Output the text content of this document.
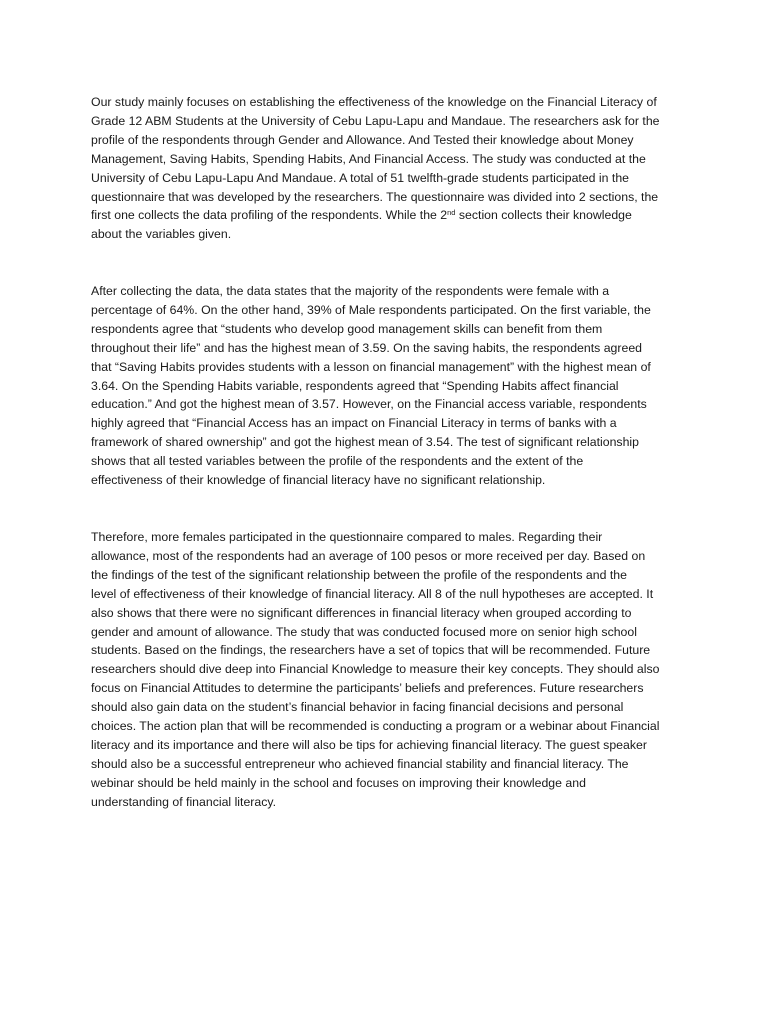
Our study mainly focuses on establishing the effectiveness of the knowledge on the Financial Literacy of
Grade 12 ABM Students at the University of Cebu Lapu-Lapu and Mandaue. The researchers ask for the
profile of the respondents through Gender and Allowance. And Tested their knowledge about Money
Management, Saving Habits, Spending Habits, And Financial Access. The study was conducted at the
University of Cebu Lapu-Lapu And Mandaue. A total of 51 twelfth-grade students participated in the
questionnaire that was developed by the researchers. The questionnaire was divided into 2 sections, the
first one collects the data profiling of the respondents. While the 2nd section collects their knowledge
about the variables given.
After collecting the data, the data states that the majority of the respondents were female with a
percentage of 64%. On the other hand, 39% of Male respondents participated. On the first variable, the
respondents agree that “students who develop good management skills can benefit from them
throughout their life” and has the highest mean of 3.59. On the saving habits, the respondents agreed
that “Saving Habits provides students with a lesson on financial management” with the highest mean of
3.64. On the Spending Habits variable, respondents agreed that “Spending Habits affect financial
education.” And got the highest mean of 3.57. However, on the Financial access variable, respondents
highly agreed that “Financial Access has an impact on Financial Literacy in terms of banks with a
framework of shared ownership” and got the highest mean of 3.54. The test of significant relationship
shows that all tested variables between the profile of the respondents and the extent of the
effectiveness of their knowledge of financial literacy have no significant relationship.
Therefore, more females participated in the questionnaire compared to males. Regarding their
allowance, most of the respondents had an average of 100 pesos or more received per day. Based on
the findings of the test of the significant relationship between the profile of the respondents and the
level of effectiveness of their knowledge of financial literacy. All 8 of the null hypotheses are accepted. It
also shows that there were no significant differences in financial literacy when grouped according to
gender and amount of allowance. The study that was conducted focused more on senior high school
students. Based on the findings, the researchers have a set of topics that will be recommended. Future
researchers should dive deep into Financial Knowledge to measure their key concepts. They should also
focus on Financial Attitudes to determine the participants’ beliefs and preferences. Future researchers
should also gain data on the student’s financial behavior in facing financial decisions and personal
choices. The action plan that will be recommended is conducting a program or a webinar about Financial
literacy and its importance and there will also be tips for achieving financial literacy. The guest speaker
should also be a successful entrepreneur who achieved financial stability and financial literacy. The
webinar should be held mainly in the school and focuses on improving their knowledge and
understanding of financial literacy.
